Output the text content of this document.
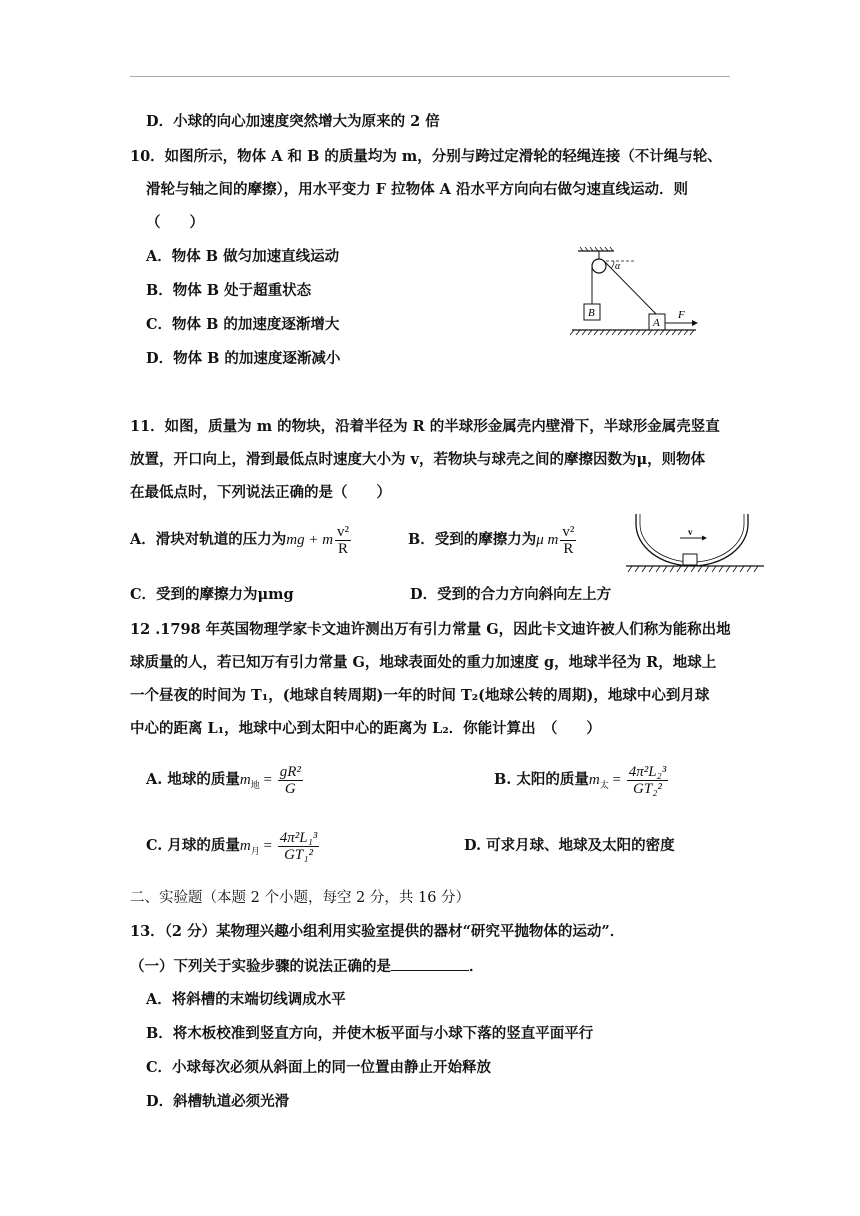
D．小球的向心加速度突然增大为原来的 2 倍
10．如图所示，物体 A 和 B 的质量均为 m，分别与跨过定滑轮的轻绳连接（不计绳与轮、
滑轮与轴之间的摩擦），用水平变力 F 拉物体 A 沿水平方向向右做匀速直线运动．则
（　　）
A．物体 B 做匀加速直线运动
B．物体 B 处于超重状态
C．物体 B 的加速度逐渐增大
D．物体 B 的加速度逐渐减小
α
B
A
F
11．如图，质量为 m 的物块，沿着半径为 R 的半球形金属壳内壁滑下，半球形金属壳竖直
放置，开口向上，滑到最低点时速度大小为 v，若物块与球壳之间的摩擦因数为μ，则物体
在最低点时，下列说法正确的是（　　）
A．滑块对轨道的压力为mg + m $\frac{\text{v²}}{R}$	B．受到的摩擦力为μ m $\frac{\text{v²}}{R}$	v
C．受到的摩擦力为μmg	D．受到的合力方向斜向左上方
12 .1798 年英国物理学家卡文迪许测出万有引力常量 G，因此卡文迪许被人们称为能称出地
球质量的人，若已知万有引力常量 G，地球表面处的重力加速度 g，地球半径为 R，地球上
一个昼夜的时间为 T₁，(地球自转周期)一年的时间 T₂(地球公转的周期)，地球中心到月球
中心的距离 L₁，地球中心到太阳中心的距离为 L₂．你能计算出　（　　）
A. 地球的质量$m_地 = \frac{\text{gR²}}{G}$	B. 太阳的质量$m_太 = \frac{\text{4π²L₂³}}{\text{GT₂²}}$
C. 月球的质量$m_月 = \frac{\text{4π²L₁³}}{\text{GT₁²}}$	D. 可求月球、地球及太阳的密度
二、实验题（本题 2 个小题，每空 2 分，共 16 分）
13．（2 分）某物理兴趣小组利用实验室提供的器材“研究平抛物体的运动”．
（一）下列关于实验步骤的说法正确的是	．
A．将斜槽的末端切线调成水平
B．将木板校准到竖直方向，并使木板平面与小球下落的竖直平面平行
C．小球每次必须从斜面上的同一位置由静止开始释放
D．斜槽轨道必须光滑
